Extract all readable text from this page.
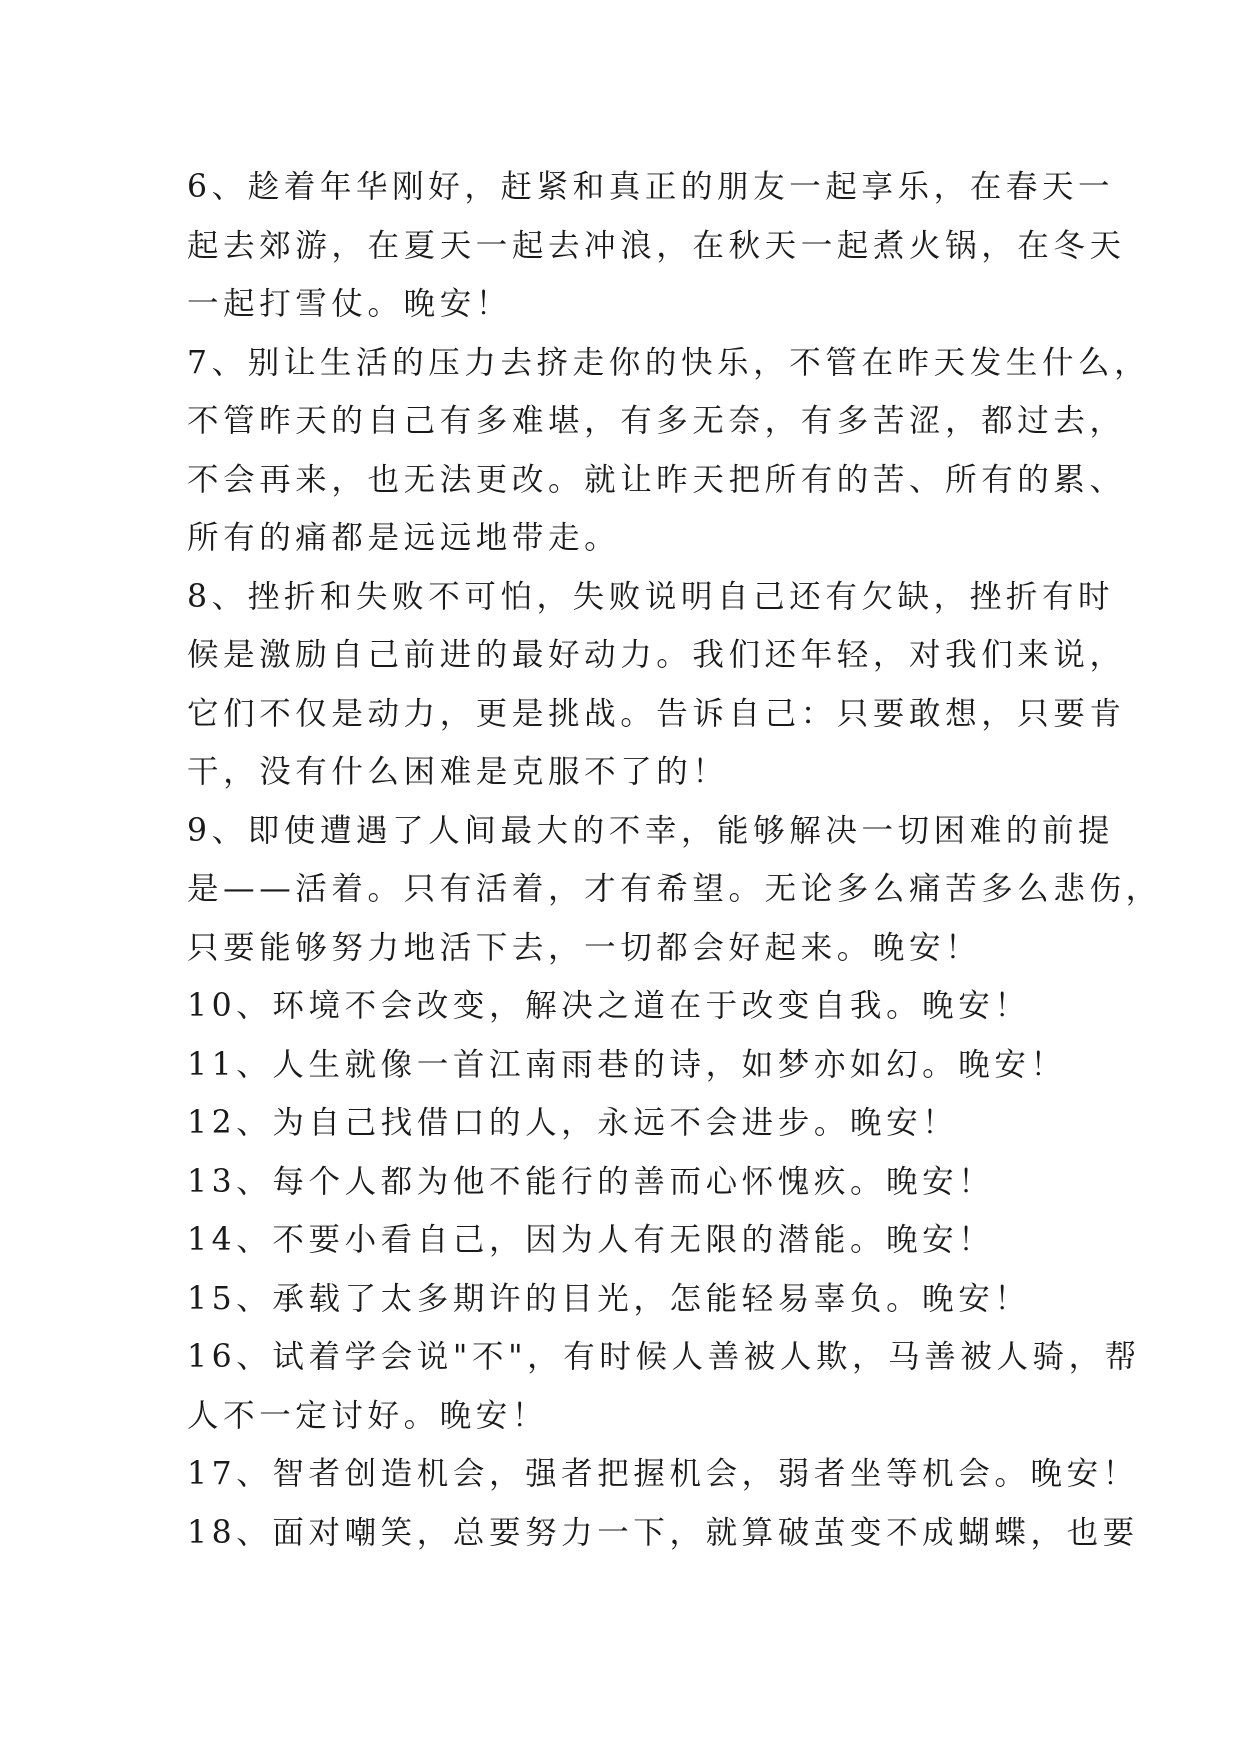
6、趁着年华刚好，赶紧和真正的朋友一起享乐，在春天一
起去郊游，在夏天一起去冲浪，在秋天一起煮火锅，在冬天
一起打雪仗。晚安！
7、别让生活的压力去挤走你的快乐，不管在昨天发生什么，
不管昨天的自己有多难堪，有多无奈，有多苦涩，都过去，
不会再来，也无法更改。就让昨天把所有的苦、所有的累、
所有的痛都是远远地带走。
8、挫折和失败不可怕，失败说明自己还有欠缺，挫折有时
候是激励自己前进的最好动力。我们还年轻，对我们来说，
它们不仅是动力，更是挑战。告诉自己：只要敢想，只要肯
干，没有什么困难是克服不了的！
9、即使遭遇了人间最大的不幸，能够解决一切困难的前提
是——活着。只有活着，才有希望。无论多么痛苦多么悲伤，
只要能够努力地活下去，一切都会好起来。晚安！
10、环境不会改变，解决之道在于改变自我。晚安！
11、人生就像一首江南雨巷的诗，如梦亦如幻。晚安！
12、为自己找借口的人，永远不会进步。晚安！
13、每个人都为他不能行的善而心怀愧疚。晚安！
14、不要小看自己，因为人有无限的潜能。晚安！
15、承载了太多期许的目光，怎能轻易辜负。晚安！
16、试着学会说"不"，有时候人善被人欺，马善被人骑，帮
人不一定讨好。晚安！
17、智者创造机会，强者把握机会，弱者坐等机会。晚安！
18、面对嘲笑，总要努力一下，就算破茧变不成蝴蝶，也要
